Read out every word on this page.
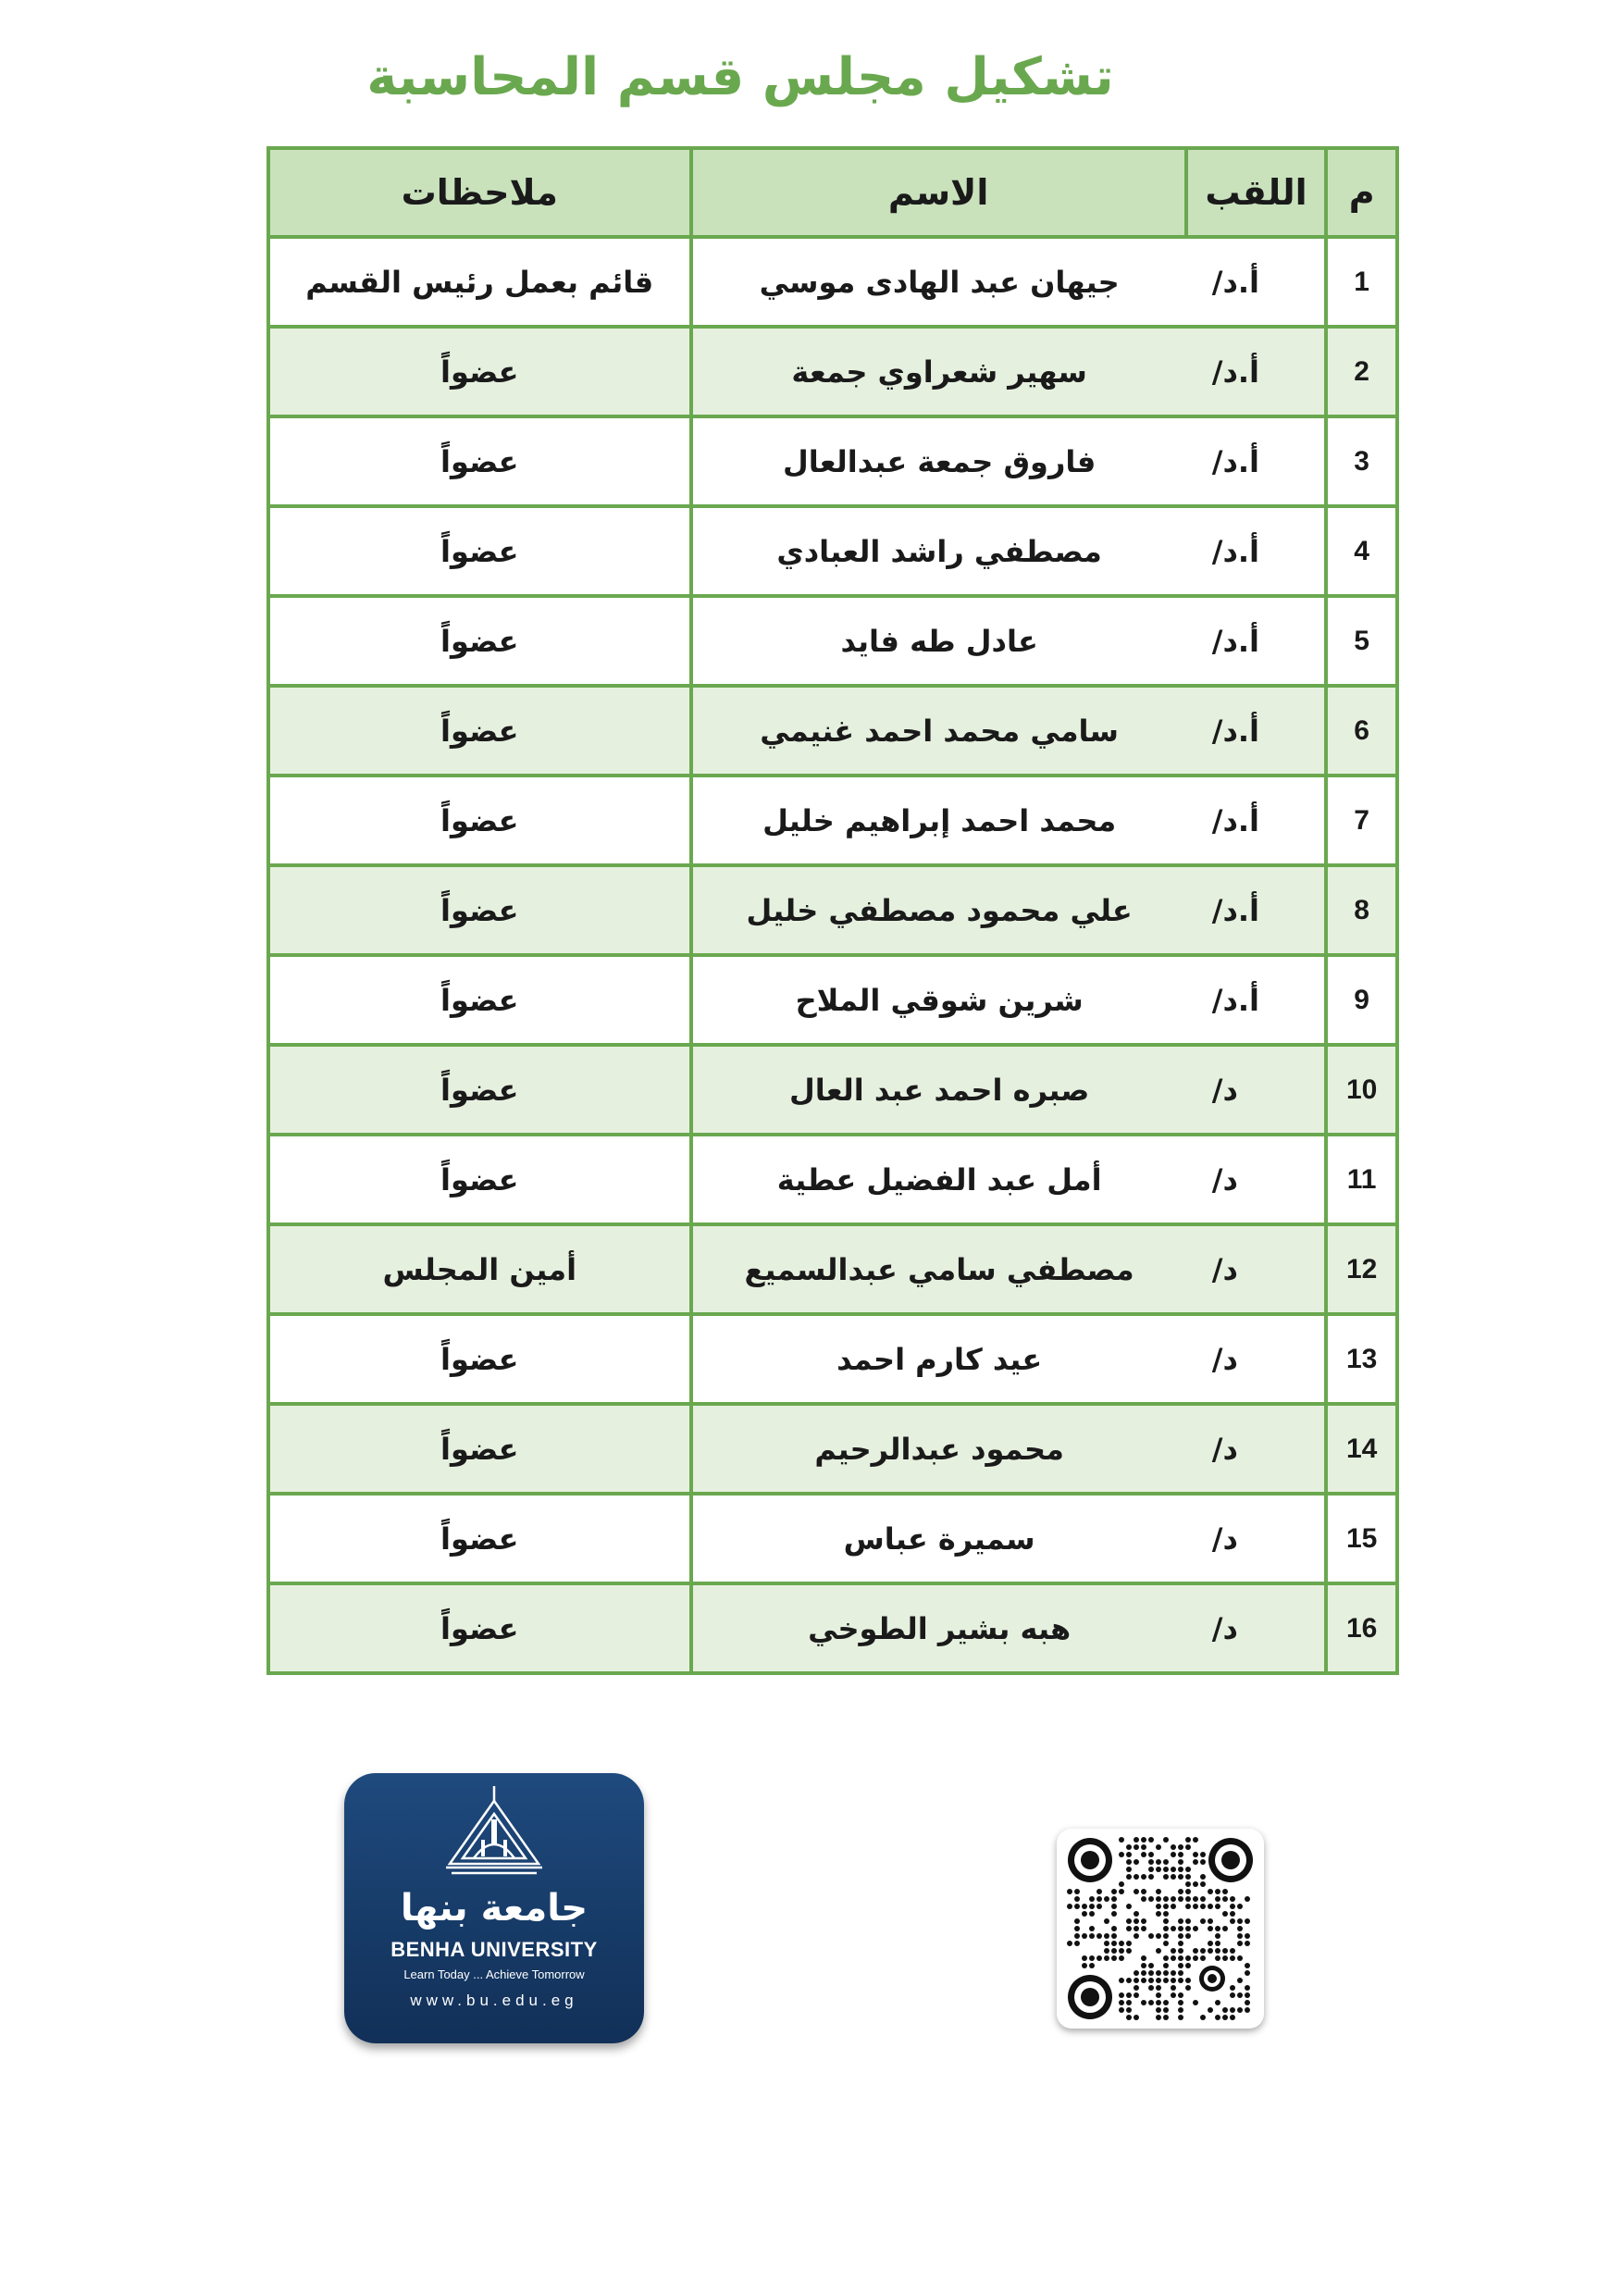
تشكيل مجلس قسم المحاسبة
م	اللقب	الاسم	ملاحظات
1	أ.د/	جيهان عبد الهادى موسي	قائم بعمل رئيس القسم
2	أ.د/	سهير شعراوي جمعة	عضواً
3	أ.د/	فاروق جمعة عبدالعال	عضواً
4	أ.د/	مصطفي راشد العبادي	عضواً
5	أ.د/	عادل طه فايد	عضواً
6	أ.د/	سامي محمد احمد غنيمي	عضواً
7	أ.د/	محمد احمد إبراهيم خليل	عضواً
8	أ.د/	علي محمود مصطفي خليل	عضواً
9	أ.د/	شرين شوقي الملاح	عضواً
10	د/	صبره احمد عبد العال	عضواً
11	د/	أمل عبد الفضيل عطية	عضواً
12	د/	مصطفي سامي عبدالسميع	أمين المجلس
13	د/	عيد كارم احمد	عضواً
14	د/	محمود عبدالرحيم	عضواً
15	د/	سميرة عباس	عضواً
16	د/	هبه بشير الطوخي	عضواً
جامعة بنها
BENHA UNIVERSITY
Learn Today ... Achieve Tomorrow
www.bu.edu.eg
